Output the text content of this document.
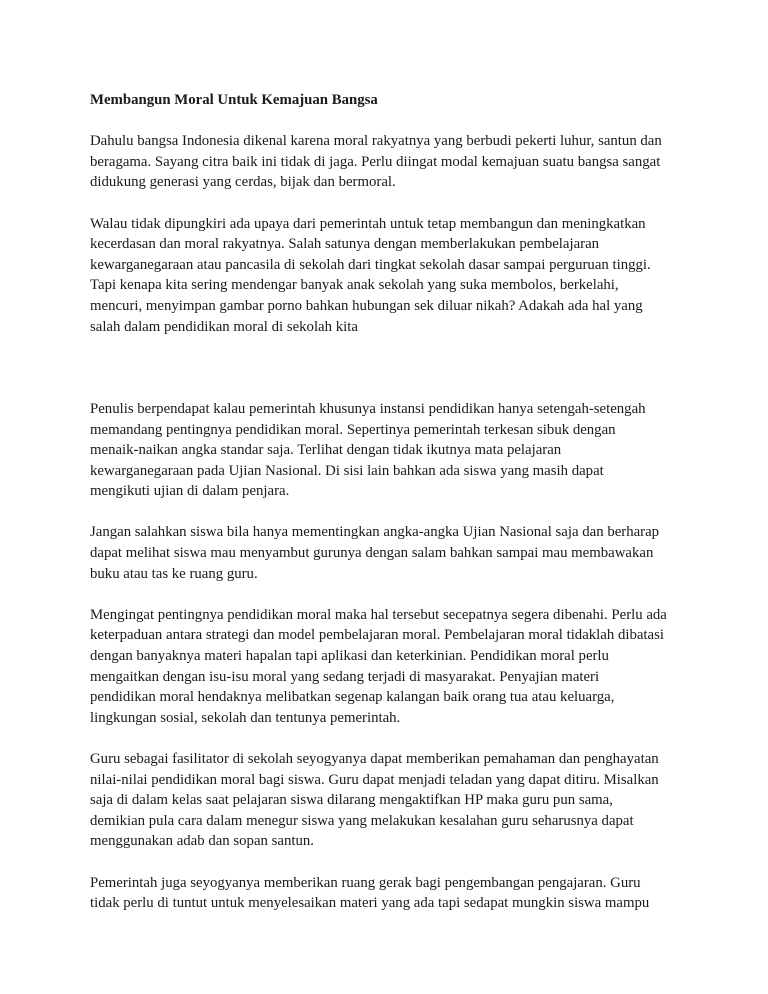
Membangun Moral Untuk Kemajuan Bangsa
Dahulu bangsa Indonesia dikenal karena moral rakyatnya yang berbudi pekerti luhur, santun dan
beragama. Sayang citra baik ini tidak di jaga. Perlu diingat modal kemajuan suatu bangsa sangat
didukung generasi yang cerdas, bijak dan bermoral.
Walau tidak dipungkiri ada upaya dari pemerintah untuk tetap membangun dan meningkatkan
kecerdasan dan moral rakyatnya. Salah satunya dengan memberlakukan pembelajaran
kewarganegaraan atau pancasila di sekolah dari tingkat sekolah dasar sampai perguruan tinggi.
Tapi kenapa kita sering mendengar banyak anak sekolah yang suka membolos, berkelahi,
mencuri, menyimpan gambar porno bahkan hubungan sek diluar nikah? Adakah ada hal yang
salah dalam pendidikan moral di sekolah kita
Penulis berpendapat kalau pemerintah khusunya instansi pendidikan hanya setengah-setengah
memandang pentingnya pendidikan moral. Sepertinya pemerintah terkesan sibuk dengan
menaik-naikan angka standar saja. Terlihat dengan tidak ikutnya mata pelajaran
kewarganegaraan pada Ujian Nasional. Di sisi lain bahkan ada siswa yang masih dapat
mengikuti ujian di dalam penjara.
Jangan salahkan siswa bila hanya mementingkan angka-angka Ujian Nasional saja dan berharap
dapat melihat siswa mau menyambut gurunya dengan salam bahkan sampai mau membawakan
buku atau tas ke ruang guru.
Mengingat pentingnya pendidikan moral maka hal tersebut secepatnya segera dibenahi. Perlu ada
keterpaduan antara strategi dan model pembelajaran moral. Pembelajaran moral tidaklah dibatasi
dengan banyaknya materi hapalan tapi aplikasi dan keterkinian. Pendidikan moral perlu
mengaitkan dengan isu-isu moral yang sedang terjadi di masyarakat. Penyajian materi
pendidikan moral hendaknya melibatkan segenap kalangan baik orang tua atau keluarga,
lingkungan sosial, sekolah dan tentunya pemerintah.
Guru sebagai fasilitator di sekolah seyogyanya dapat memberikan pemahaman dan penghayatan
nilai-nilai pendidikan moral bagi siswa. Guru dapat menjadi teladan yang dapat ditiru. Misalkan
saja di dalam kelas saat pelajaran siswa dilarang mengaktifkan HP maka guru pun sama,
demikian pula cara dalam menegur siswa yang melakukan kesalahan guru seharusnya dapat
menggunakan adab dan sopan santun.
Pemerintah juga seyogyanya memberikan ruang gerak bagi pengembangan pengajaran. Guru
tidak perlu di tuntut untuk menyelesaikan materi yang ada tapi sedapat mungkin siswa mampu
